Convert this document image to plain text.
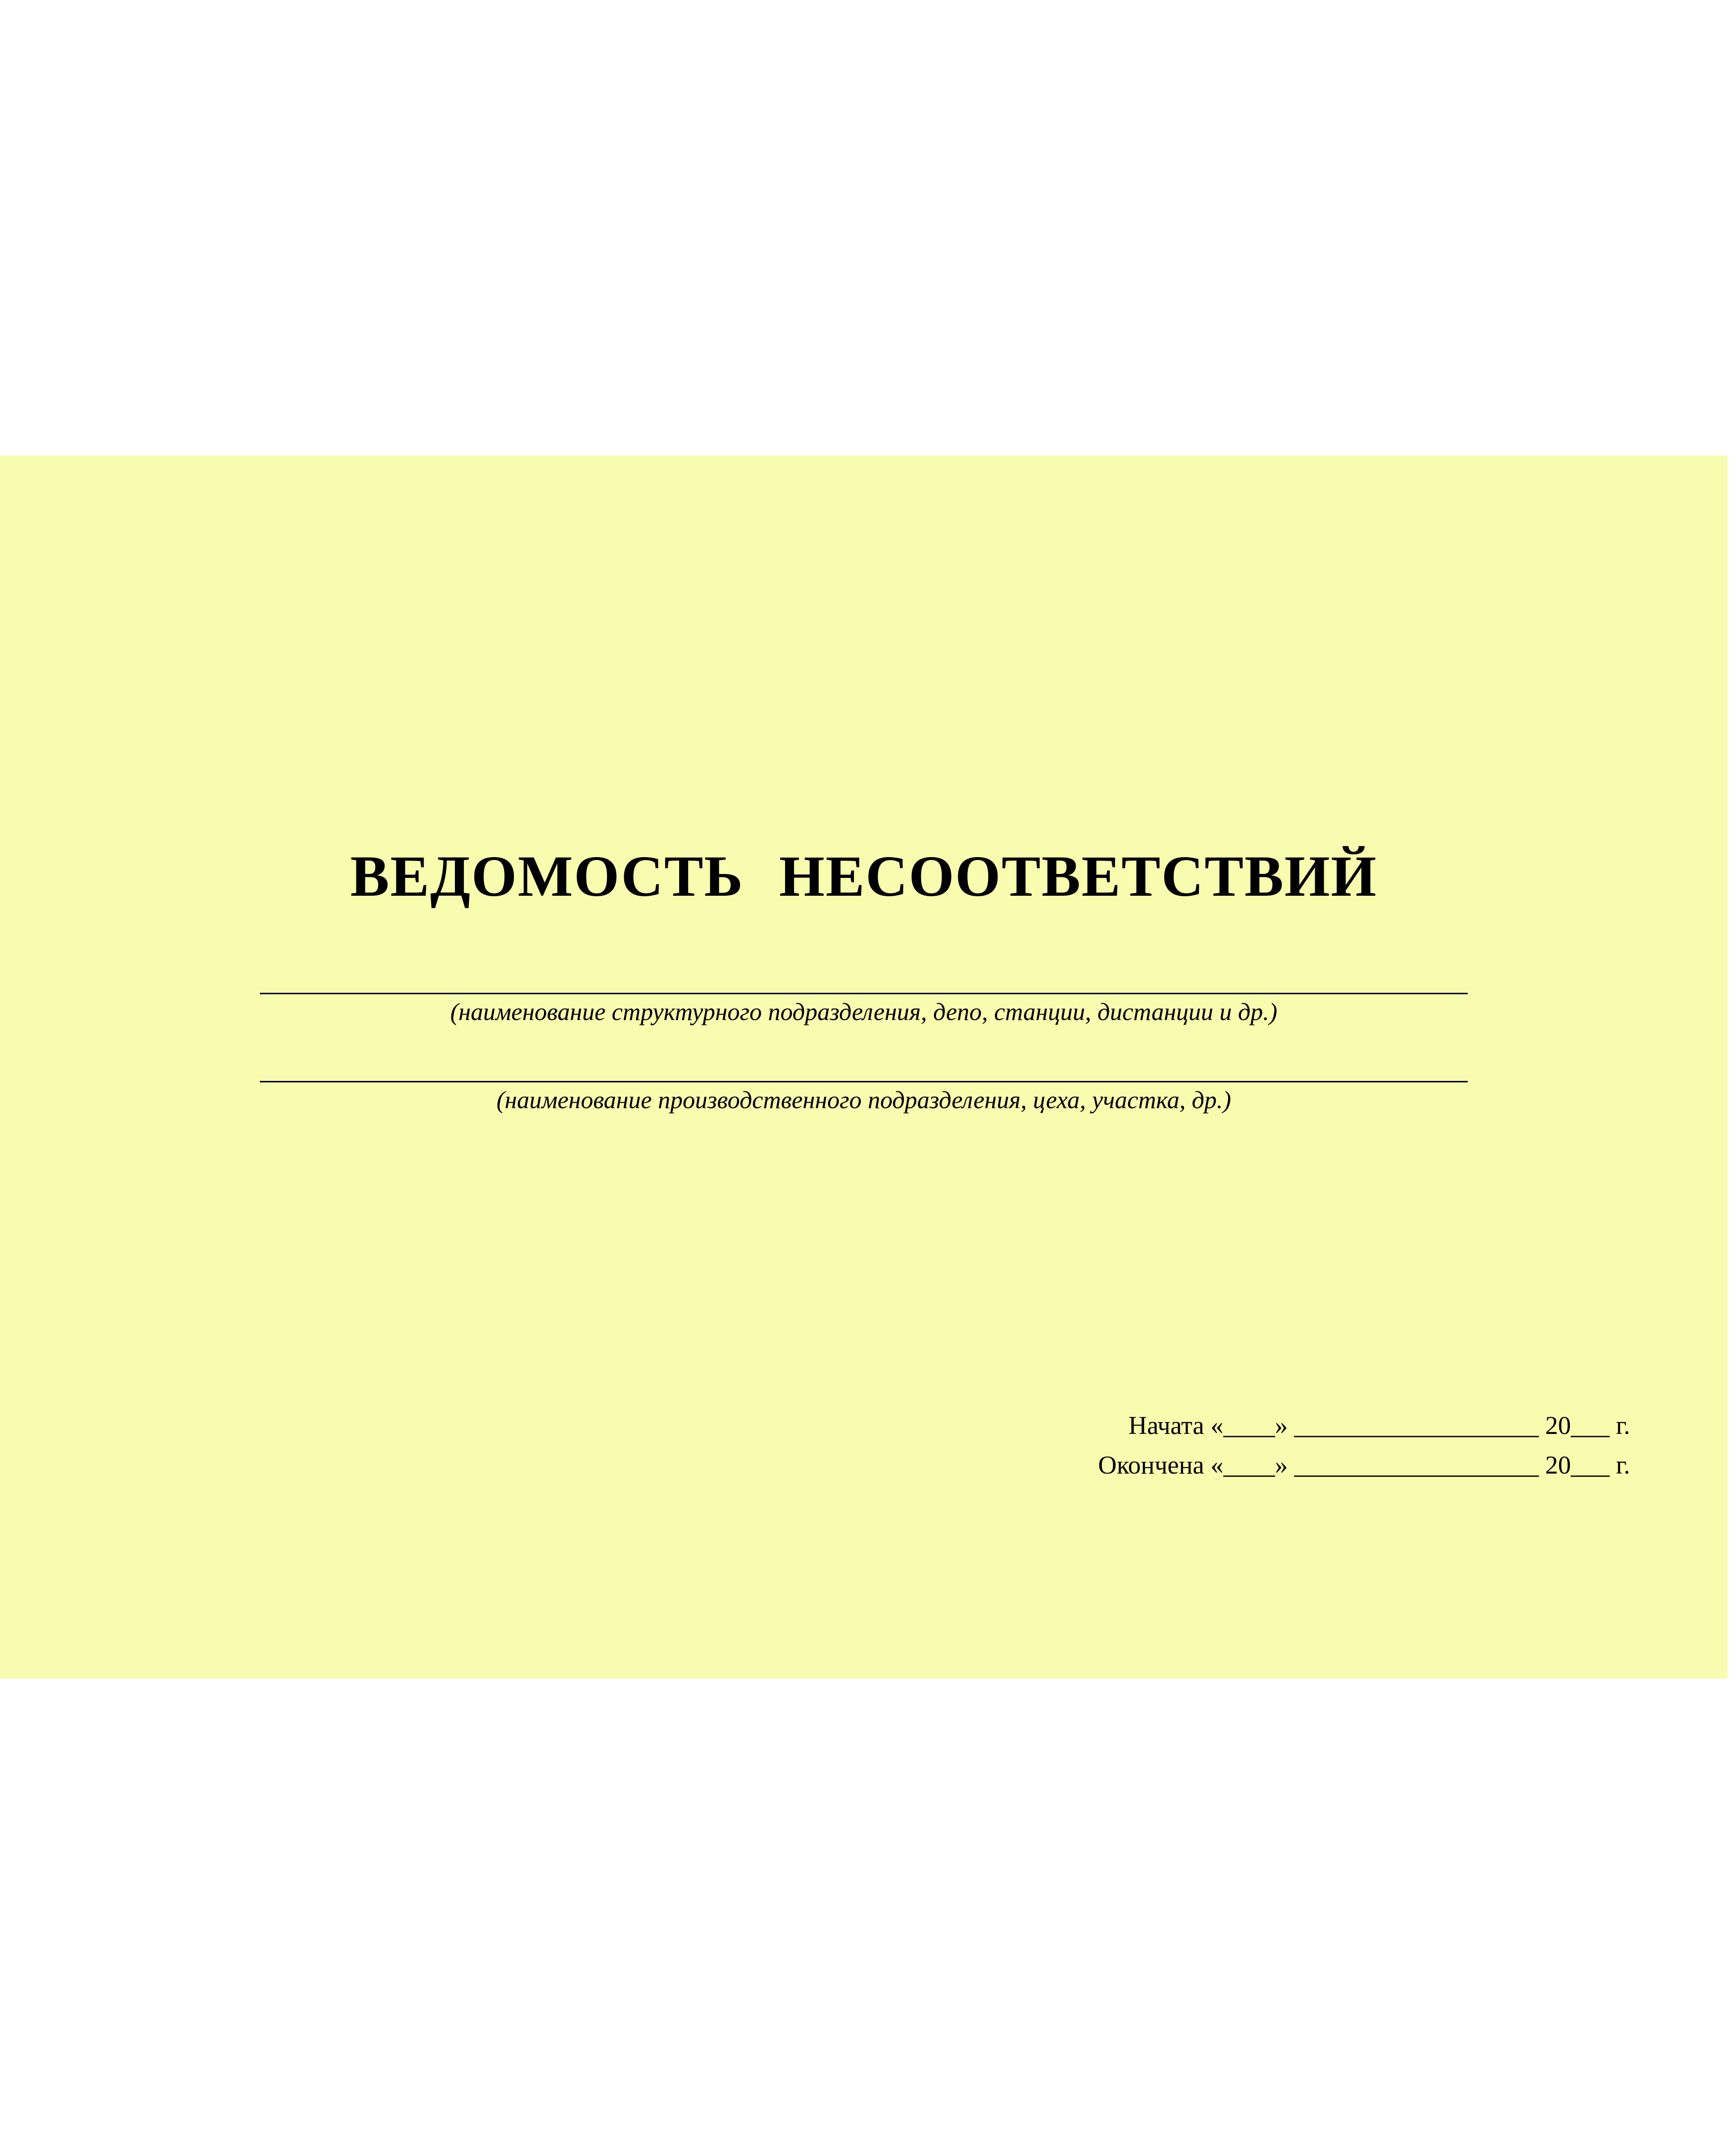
ВЕДОМОСТЬ НЕСООТВЕТСТВИЙ
(наименование структурного подразделения, депо, станции, дистанции и др.)
(наименование производственного подразделения, цеха, участка, др.)
Начата «____» ___________________ 20___ г.
Окончена «____» ___________________ 20___ г.
